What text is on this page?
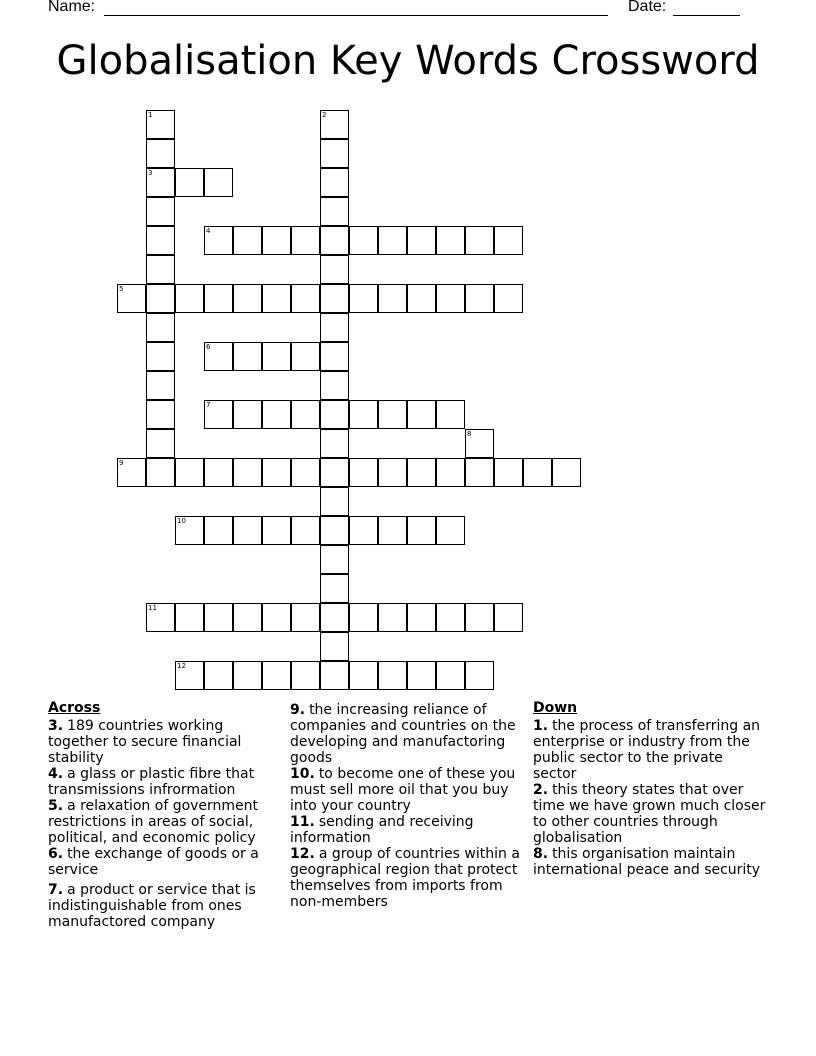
Name:	Date:
Globalisation Key Words Crossword
3
4
5
6
7
9
10
11
12
1	2
8
Across

3. 189 countries working together to secure financial stability

4. a glass or plastic fibre that transmissions infrormation

5. a relaxation of government restrictions in areas of social, political, and economic policy

6. the exchange of goods or a service

7. a product or service that is indistinguishable from ones manufactored company

9. the increasing reliance of companies and countries on the developing and manufactoring goods

10. to become one of these you must sell more oil that you buy into your country

11. sending and receiving information

12. a group of countries within a geographical region that protect themselves from imports from non-members

Down

1. the process of transferring an enterprise or industry from the public sector to the private sector

2. this theory states that over time we have grown much closer to other countries through globalisation

8. this organisation maintain international peace and security
